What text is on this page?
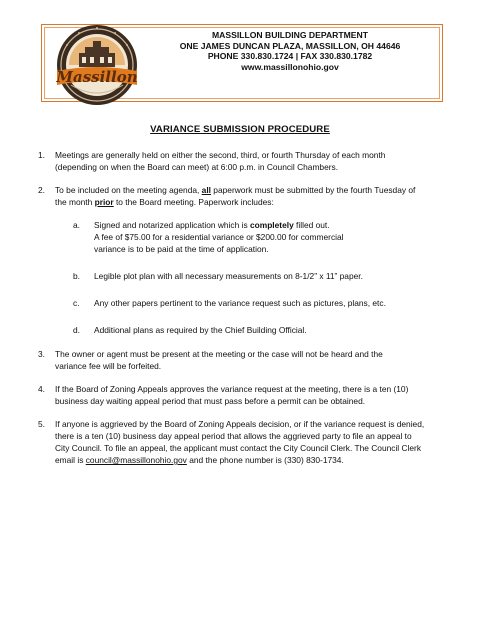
Massillon
OHIO
MASSILLON BUILDING DEPARTMENT
ONE JAMES DUNCAN PLAZA, MASSILLON, OH 44646
PHONE 330.830.1724 | FAX 330.830.1782
www.massillonohio.gov
VARIANCE SUBMISSION PROCEDURE
1. Meetings are generally held on either the second, third, or fourth Thursday of each month
(depending on when the Board can meet) at 6:00 p.m. in Council Chambers.
2. To be included on the meeting agenda, all paperwork must be submitted by the fourth Tuesday of
the month prior to the Board meeting. Paperwork includes:
a. Signed and notarized application which is completely filled out.
A fee of $75.00 for a residential variance or $200.00 for commercial
variance is to be paid at the time of application.
b. Legible plot plan with all necessary measurements on 8-1/2” x 11” paper.
c. Any other papers pertinent to the variance request such as pictures, plans, etc.
d. Additional plans as required by the Chief Building Official.
3. The owner or agent must be present at the meeting or the case will not be heard and the
variance fee will be forfeited.
4. If the Board of Zoning Appeals approves the variance request at the meeting, there is a ten (10)
business day waiting appeal period that must pass before a permit can be obtained.
5. If anyone is aggrieved by the Board of Zoning Appeals decision, or if the variance request is denied,
there is a ten (10) business day appeal period that allows the aggrieved party to file an appeal to
City Council. To file an appeal, the applicant must contact the City Council Clerk. The Council Clerk
email is council@massillonohio.gov and the phone number is (330) 830-1734.
